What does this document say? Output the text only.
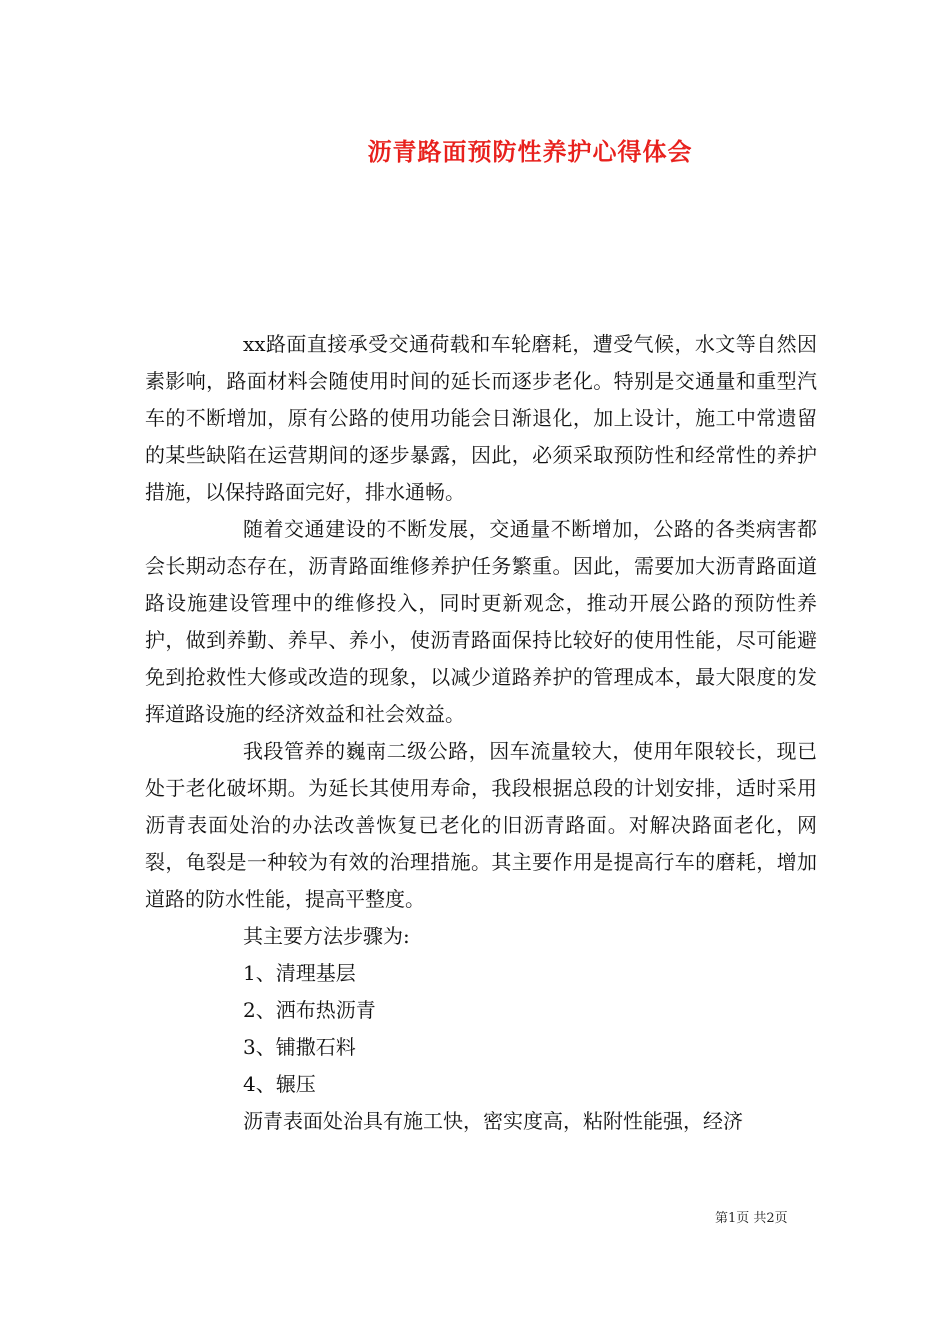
沥青路面预防性养护心得体会

xx路面直接承受交通荷载和车轮磨耗，遭受气候，水文等自然因素影响，路面材料会随使用时间的延长而逐步老化。特别是交通量和重型汽车的不断增加，原有公路的使用功能会日渐退化，加上设计，施工中常遗留的某些缺陷在运营期间的逐步暴露，因此，必须采取预防性和经常性的养护措施，以保持路面完好，排水通畅。

随着交通建设的不断发展，交通量不断增加，公路的各类病害都会长期动态存在，沥青路面维修养护任务繁重。因此，需要加大沥青路面道路设施建设管理中的维修投入，同时更新观念，推动开展公路的预防性养护，做到养勤、养早、养小，使沥青路面保持比较好的使用性能，尽可能避免到抢救性大修或改造的现象，以减少道路养护的管理成本，最大限度的发挥道路设施的经济效益和社会效益。

我段管养的巍南二级公路，因车流量较大，使用年限较长，现已处于老化破坏期。为延长其使用寿命，我段根据总段的计划安排，适时采用沥青表面处治的办法改善恢复已老化的旧沥青路面。对解决路面老化，网裂，龟裂是一种较为有效的治理措施。其主要作用是提高行车的磨耗，增加道路的防水性能，提高平整度。

其主要方法步骤为:

1、清理基层

2、洒布热沥青

3、铺撒石料

4、辗压

沥青表面处治具有施工快，密实度高，粘附性能强，经济

第1页 共2页
